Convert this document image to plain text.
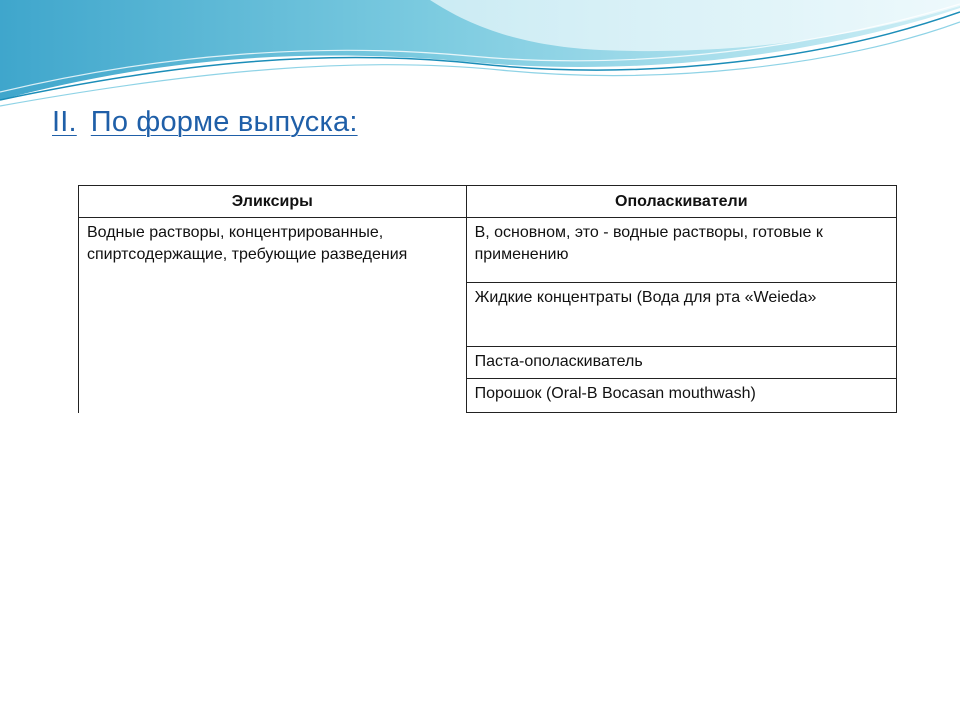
II. По форме выпуска:
Эликсиры	Ополаскиватели
Водные растворы, концентрированные, спиртсодержащие, требующие разведения	В, основном, это - водные растворы, готовые к применению
	Жидкие концентраты (Вода для рта «Weieda»
	Паста-ополаскиватель
	Порошок (Oral-B Bocasan mouthwash)
